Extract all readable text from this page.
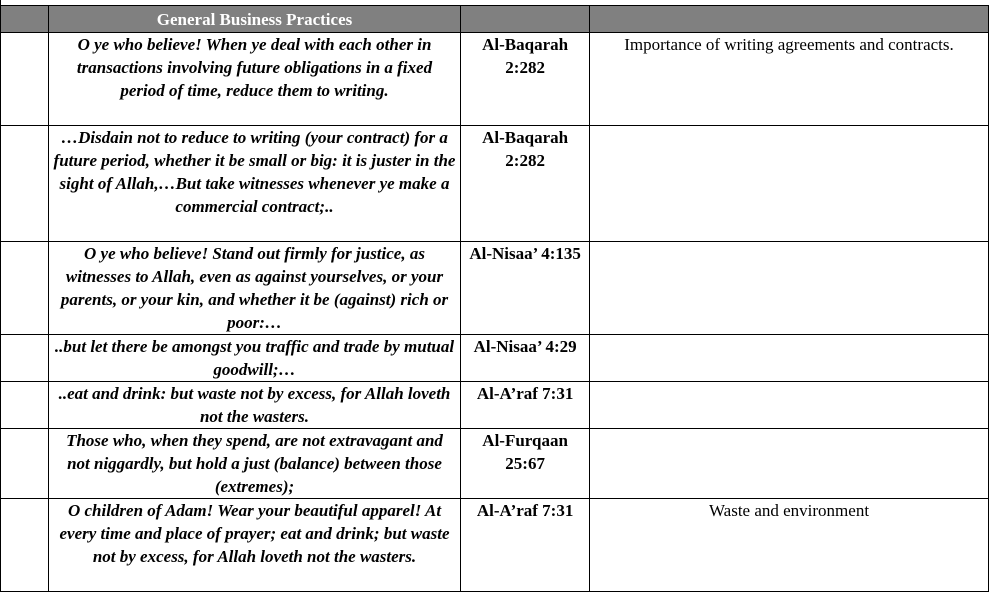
	General Business Practices		
	O ye who believe! When ye deal with each other in transactions involving future obligations in a fixed period of time, reduce them to writing.	Al-Baqarah 2:282	Importance of writing agreements and contracts.
	…Disdain not to reduce to writing (your contract) for a future period, whether it be small or big: it is juster in the sight of Allah,…But take witnesses whenever ye make a commercial contract;..	Al-Baqarah 2:282	
	O ye who believe! Stand out firmly for justice, as witnesses to Allah, even as against yourselves, or your parents, or your kin, and whether it be (against) rich or poor:…	Al-Nisaa’ 4:135	
	..but let there be amongst you traffic and trade by mutual goodwill;…	Al-Nisaa’ 4:29	
	..eat and drink: but waste not by excess, for Allah loveth not the wasters.	Al-A’raf 7:31	
	Those who, when they spend, are not extravagant and not niggardly, but hold a just (balance) between those (extremes);	Al-Furqaan 25:67	
	O children of Adam! Wear your beautiful apparel! At every time and place of prayer; eat and drink; but waste not by excess, for Allah loveth not the wasters.	Al-A’raf 7:31	Waste and environment
